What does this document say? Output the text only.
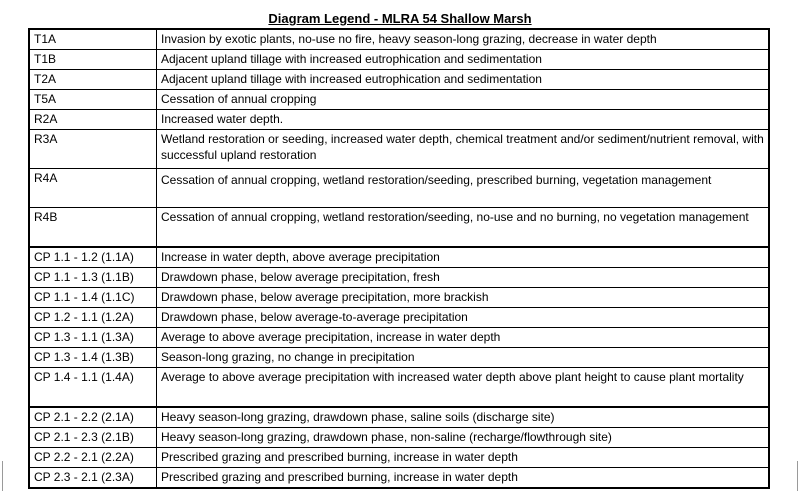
Diagram Legend - MLRA 54 Shallow Marsh
T1A	Invasion by exotic plants, no-use no fire, heavy season-long grazing, decrease in water depth
T1B	Adjacent upland tillage with increased eutrophication and sedimentation
T2A	Adjacent upland tillage with increased eutrophication and sedimentation
T5A	Cessation of annual cropping
R2A	Increased water depth.
R3A	Wetland restoration or seeding, increased water depth, chemical treatment and/or sediment/nutrient removal, with successful upland restoration
R4A	Cessation of annual cropping, wetland restoration/seeding, prescribed burning, vegetation management
R4B	Cessation of annual cropping, wetland restoration/seeding, no-use and no burning, no vegetation management
CP 1.1 - 1.2 (1.1A)	Increase in water depth, above average precipitation
CP 1.1 - 1.3 (1.1B)	Drawdown phase, below average precipitation, fresh
CP 1.1 - 1.4 (1.1C)	Drawdown phase, below average precipitation, more brackish
CP 1.2 - 1.1 (1.2A)	Drawdown phase, below average-to-average precipitation
CP 1.3 - 1.1 (1.3A)	Average to above average precipitation, increase in water depth
CP 1.3 - 1.4 (1.3B)	Season-long grazing, no change in precipitation
CP 1.4 - 1.1 (1.4A)	Average to above average precipitation with increased water depth above plant height to cause plant mortality
CP 2.1 - 2.2 (2.1A)	Heavy season-long grazing, drawdown phase, saline soils (discharge site)
CP 2.1 - 2.3 (2.1B)	Heavy season-long grazing, drawdown phase, non-saline (recharge/flowthrough site)
CP 2.2 - 2.1 (2.2A)	Prescribed grazing and prescribed burning, increase in water depth
CP 2.3 - 2.1 (2.3A)	Prescribed grazing and prescribed burning, increase in water depth
